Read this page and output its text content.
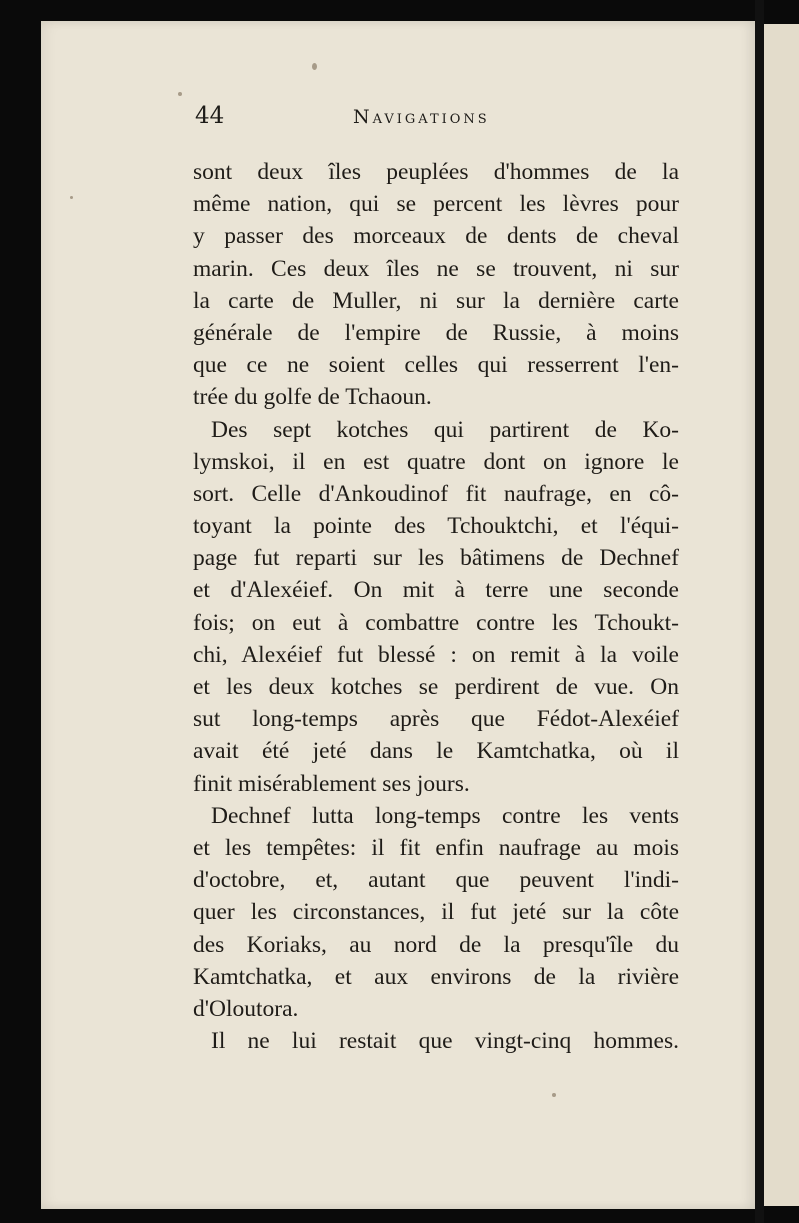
44	Navigations
sont deux îles peuplées d'hommes de la
même nation, qui se percent les lèvres pour
y passer des morceaux de dents de cheval
marin. Ces deux îles ne se trouvent, ni sur
la carte de Muller, ni sur la dernière carte
générale de l'empire de Russie, à moins
que ce ne soient celles qui resserrent l'en-
trée du golfe de Tchaoun.
Des sept kotches qui partirent de Ko-
lymskoi, il en est quatre dont on ignore le
sort. Celle d'Ankoudinof fit naufrage, en cô-
toyant la pointe des Tchouktchi, et l'équi-
page fut reparti sur les bâtimens de Dechnef
et d'Alexéief. On mit à terre une seconde
fois; on eut à combattre contre les Tchoukt-
chi, Alexéief fut blessé : on remit à la voile
et les deux kotches se perdirent de vue. On
sut long-temps après que Fédot-Alexéief
avait été jeté dans le Kamtchatka, où il
finit misérablement ses jours.
Dechnef lutta long-temps contre les vents
et les tempêtes: il fit enfin naufrage au mois
d'octobre, et, autant que peuvent l'indi-
quer les circonstances, il fut jeté sur la côte
des Koriaks, au nord de la presqu'île du
Kamtchatka, et aux environs de la rivière
d'Oloutora.
Il ne lui restait que vingt-cinq hommes.
